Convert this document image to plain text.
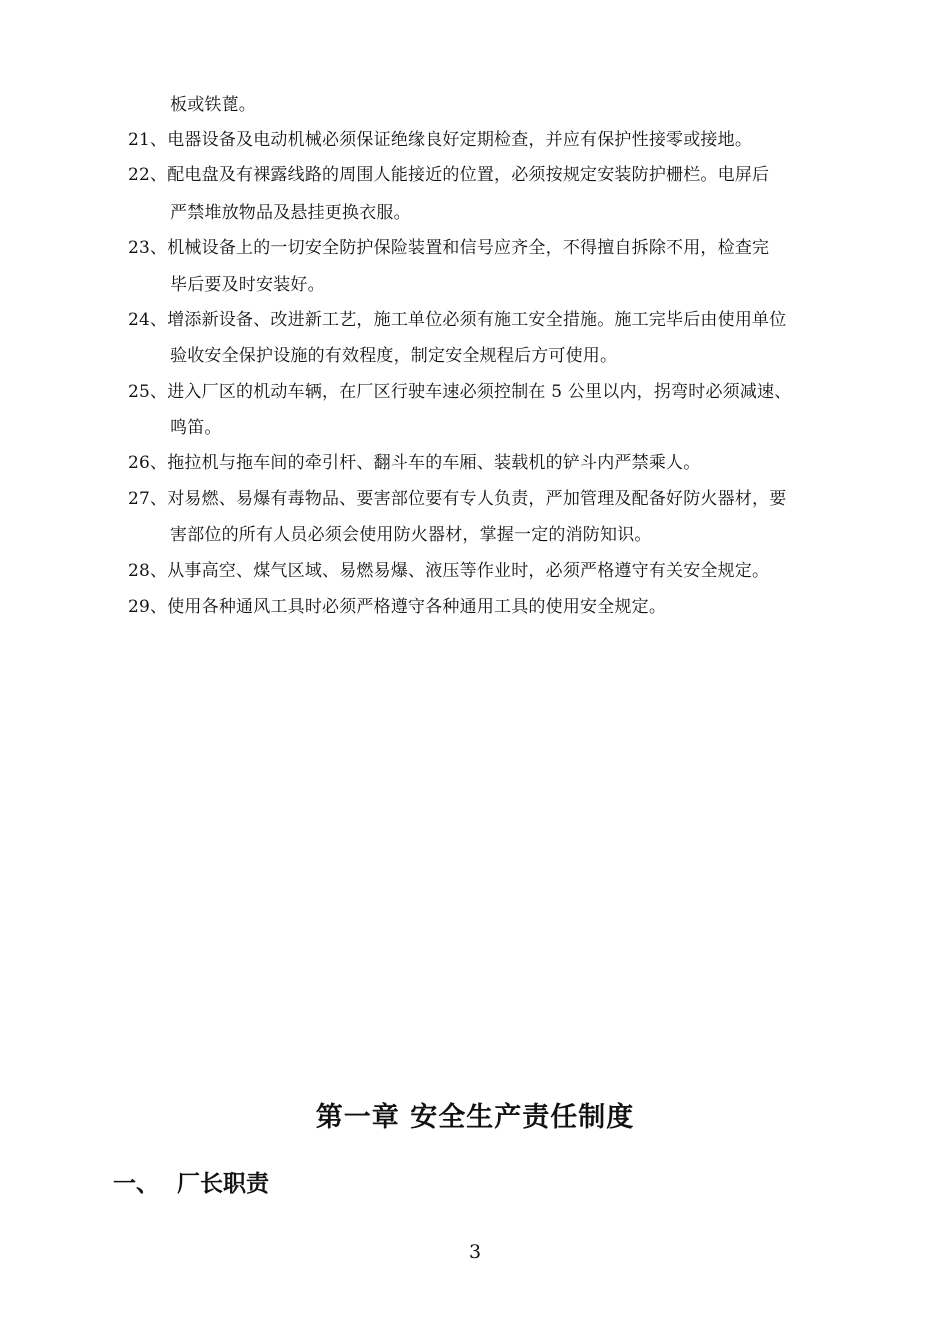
板或铁蓖。
21、电器设备及电动机械必须保证绝缘良好定期检查，并应有保护性接零或接地。
22、配电盘及有裸露线路的周围人能接近的位置，必须按规定安装防护栅栏。电屏后
严禁堆放物品及悬挂更换衣服。
23、机械设备上的一切安全防护保险装置和信号应齐全，不得擅自拆除不用，检查完
毕后要及时安装好。
24、增添新设备、改进新工艺，施工单位必须有施工安全措施。施工完毕后由使用单位
验收安全保护设施的有效程度，制定安全规程后方可使用。
25、进入厂区的机动车辆，在厂区行驶车速必须控制在 5 公里以内，拐弯时必须减速、
鸣笛。
26、拖拉机与拖车间的牵引杆、翻斗车的车厢、装载机的铲斗内严禁乘人。
27、对易燃、易爆有毒物品、要害部位要有专人负责，严加管理及配备好防火器材，要
害部位的所有人员必须会使用防火器材，掌握一定的消防知识。
28、从事高空、煤气区域、易燃易爆、液压等作业时，必须严格遵守有关安全规定。
29、使用各种通风工具时必须严格遵守各种通用工具的使用安全规定。
第一章 安全生产责任制度
一、 厂长职责
3
